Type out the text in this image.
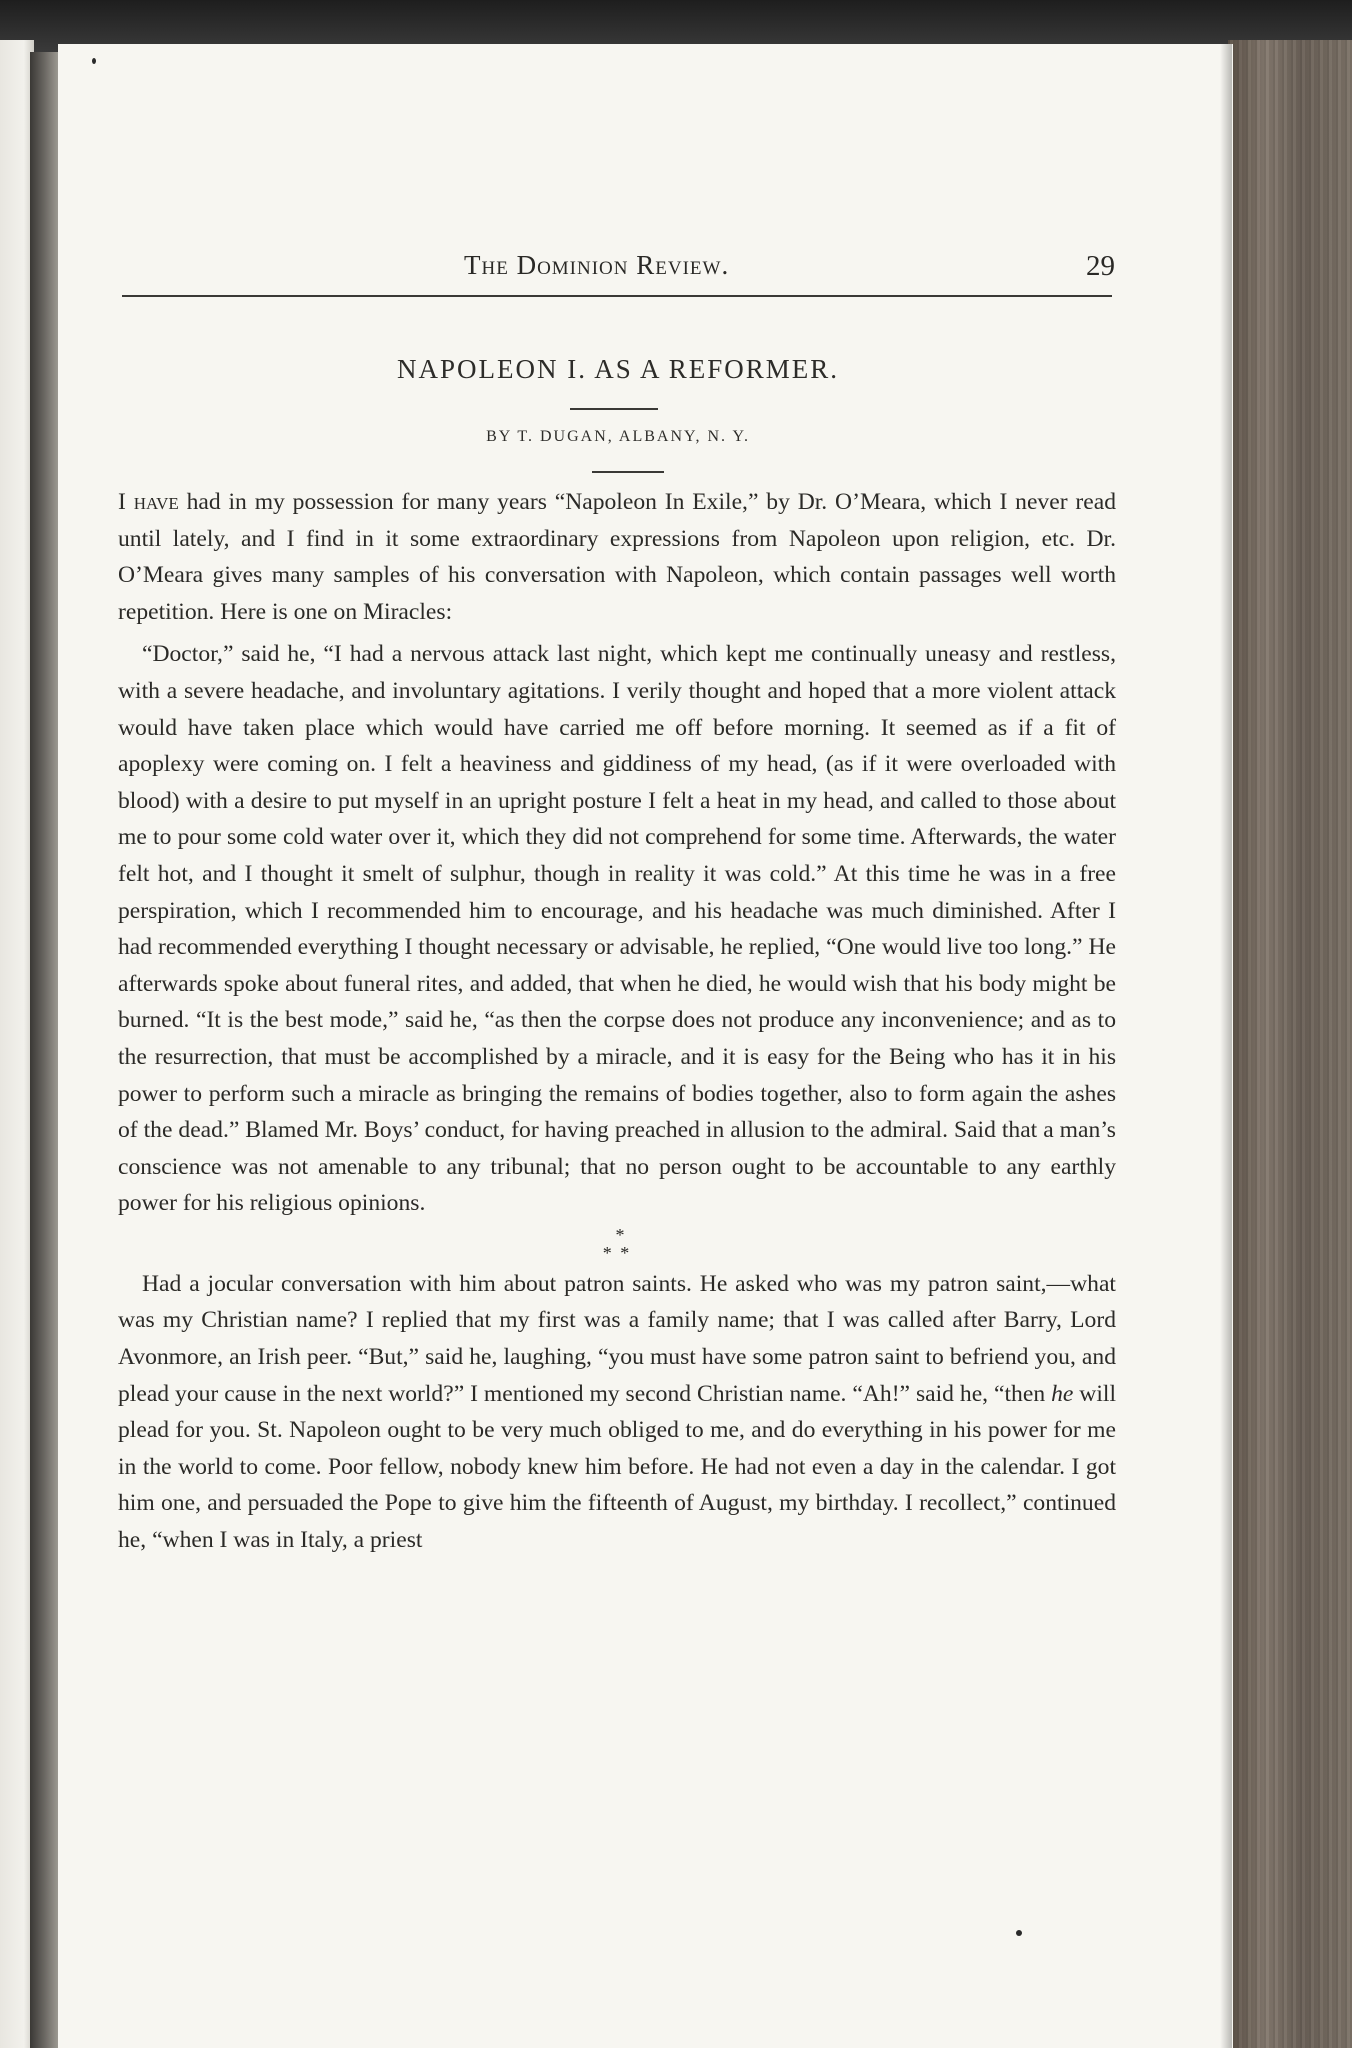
The Dominion Review.	29
NAPOLEON I. AS A REFORMER.
BY T. DUGAN, ALBANY, N. Y.

I have had in my possession for many years “Napoleon In Exile,” by Dr. O’Meara, which I never read until lately, and I find in it some extraordinary expressions from Napoleon upon religion, etc. Dr. O’Meara gives many samples of his conversation with Napoleon, which contain passages well worth repetition. Here is one on Miracles:

“Doctor,” said he, “I had a nervous attack last night, which kept me continually uneasy and restless, with a severe headache, and involuntary agitations. I verily thought and hoped that a more violent attack would have taken place which would have carried me off before morning. It seemed as if a fit of apoplexy were coming on. I felt a heaviness and giddiness of my head, (as if it were overloaded with blood) with a desire to put myself in an upright posture I felt a heat in my head, and called to those about me to pour some cold water over it, which they did not comprehend for some time. Afterwards, the water felt hot, and I thought it smelt of sulphur, though in reality it was cold.” At this time he was in a free perspiration, which I recommended him to encourage, and his headache was much diminished. After I had recommended everything I thought necessary or advisable, he replied, “One would live too long.” He afterwards spoke about funeral rites, and added, that when he died, he would wish that his body might be burned. “It is the best mode,” said he, “as then the corpse does not produce any inconvenience; and as to the resurrection, that must be accomplished by a miracle, and it is easy for the Being who has it in his power to perform such a miracle as bringing the remains of bodies together, also to form again the ashes of the dead.” Blamed Mr. Boys’ conduct, for having preached in allusion to the admiral. Said that a man’s conscience was not amenable to any tribunal; that no person ought to be accountable to any earthly power for his religious opinions.

*
* *

Had a jocular conversation with him about patron saints. He asked who was my patron saint,—what was my Christian name? I replied that my first was a family name; that I was called after Barry, Lord Avonmore, an Irish peer. “But,” said he, laughing, “you must have some patron saint to befriend you, and plead your cause in the next world?” I mentioned my second Christian name. “Ah!” said he, “then he will plead for you. St. Napoleon ought to be very much obliged to me, and do everything in his power for me in the world to come. Poor fellow, nobody knew him before. He had not even a day in the calendar. I got him one, and persuaded the Pope to give him the fifteenth of August, my birthday. I recollect,” continued he, “when I was in Italy, a priest
